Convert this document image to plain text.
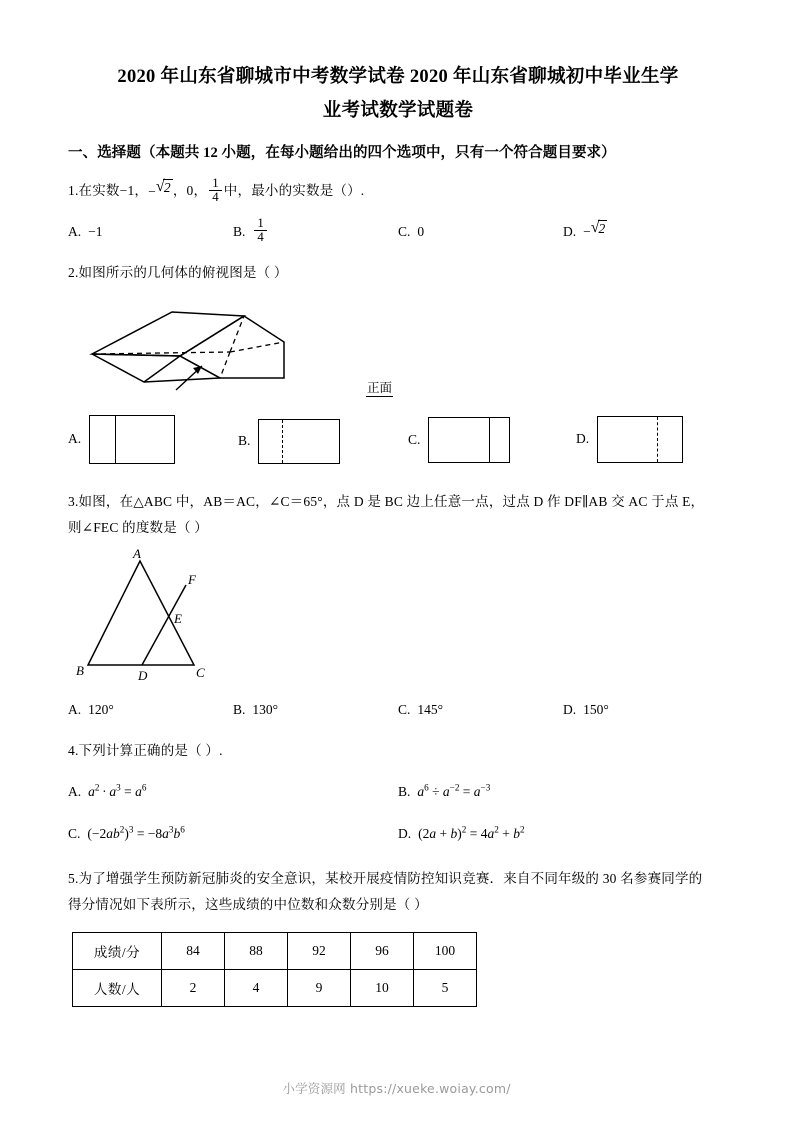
2020 年山东省聊城市中考数学试卷 2020 年山东省聊城初中毕业生学
业考试数学试题卷
一、选择题（本题共 12 小题，在每小题给出的四个选项中，只有一个符合题目要求）
1.在实数−1， − √ 2 ，0， $\frac{1}{4}$ 中，最小的实数是（）.
A. −1	B. $\frac{1}{4}$	C. 0	D. − √ 2
2.如图所示的几何体的俯视图是（ ）
正面
A.	B.	C.	D.
3.如图，在△ABC 中，AB＝AC，∠C＝65°，点 D 是 BC 边上任意一点，过点 D 作 DF∥AB 交 AC 于点 E，
则∠FEC 的度数是（ ）
A
F
E
B	D	C
A. 120°	B. 130°	C. 145°	D. 150°
4.下列计算正确的是（ ）.
A. $a^2 \cdot a^3 = a^6$	B. $a^6 \div a^{-2} = a^{-3}$
C. $(-2ab^2)^3 = -8a^3b^6$	D. $(2a + b)^2 = 4a^2 + b^2$
5.为了增强学生预防新冠肺炎的安全意识，某校开展疫情防控知识竞赛．来自不同年级的 30 名参赛同学的
得分情况如下表所示，这些成绩的中位数和众数分别是（ ）
成绩/分	84	88	92	96	100
人数/人	2	4	9	10	5
小学资源网 https://xueke.woiay.com/
